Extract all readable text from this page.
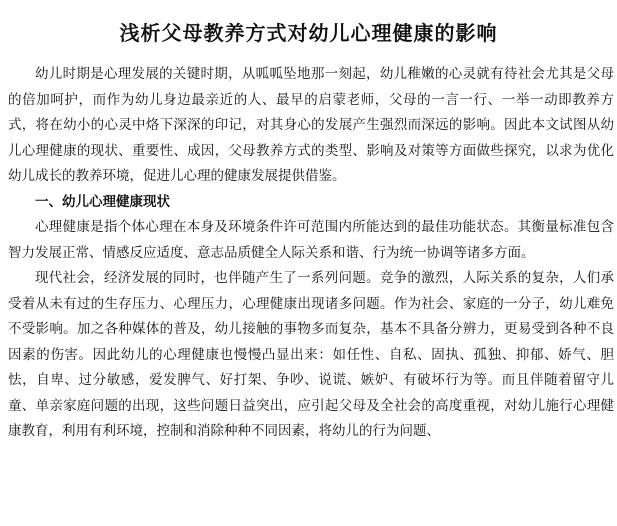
浅析父母教养方式对幼儿心理健康的影响

幼儿时期是心理发展的关键时期，从呱呱坠地那一刻起，幼儿稚嫩的心灵就有待社会尤其是父母的倍加呵护，而作为幼儿身边最亲近的人、最早的启蒙老师，父母的一言一行、一举一动即教养方式，将在幼小的心灵中烙下深深的印记，对其身心的发展产生强烈而深远的影响。因此本文试图从幼儿心理健康的现状、重要性、成因，父母教养方式的类型、影响及对策等方面做些探究，以求为优化幼儿成长的教养环境，促进儿心理的健康发展提供借鉴。

一、幼儿心理健康现状

心理健康是指个体心理在本身及环境条件许可范围内所能达到的最佳功能状态。其衡量标准包含智力发展正常、情感反应适度、意志品质健全人际关系和谐、行为统一协调等诸多方面。

现代社会，经济发展的同时，也伴随产生了一系列问题。竞争的激烈，人际关系的复杂，人们承受着从未有过的生存压力、心理压力，心理健康出现诸多问题。作为社会、家庭的一分子，幼儿难免不受影响。加之各种媒体的普及，幼儿接触的事物多而复杂，基本不具备分辨力，更易受到各种不良因素的伤害。因此幼儿的心理健康也慢慢凸显出来：如任性、自私、固执、孤独、抑郁、娇气、胆怯，自卑、过分敏感，爱发脾气、好打架、争吵、说谎、嫉妒、有破坏行为等。而且伴随着留守儿童、单亲家庭问题的出现，这些问题日益突出，应引起父母及全社会的高度重视，对幼儿施行心理健康教育，利用有利环境，控制和消除种种不同因素，将幼儿的行为问题、
